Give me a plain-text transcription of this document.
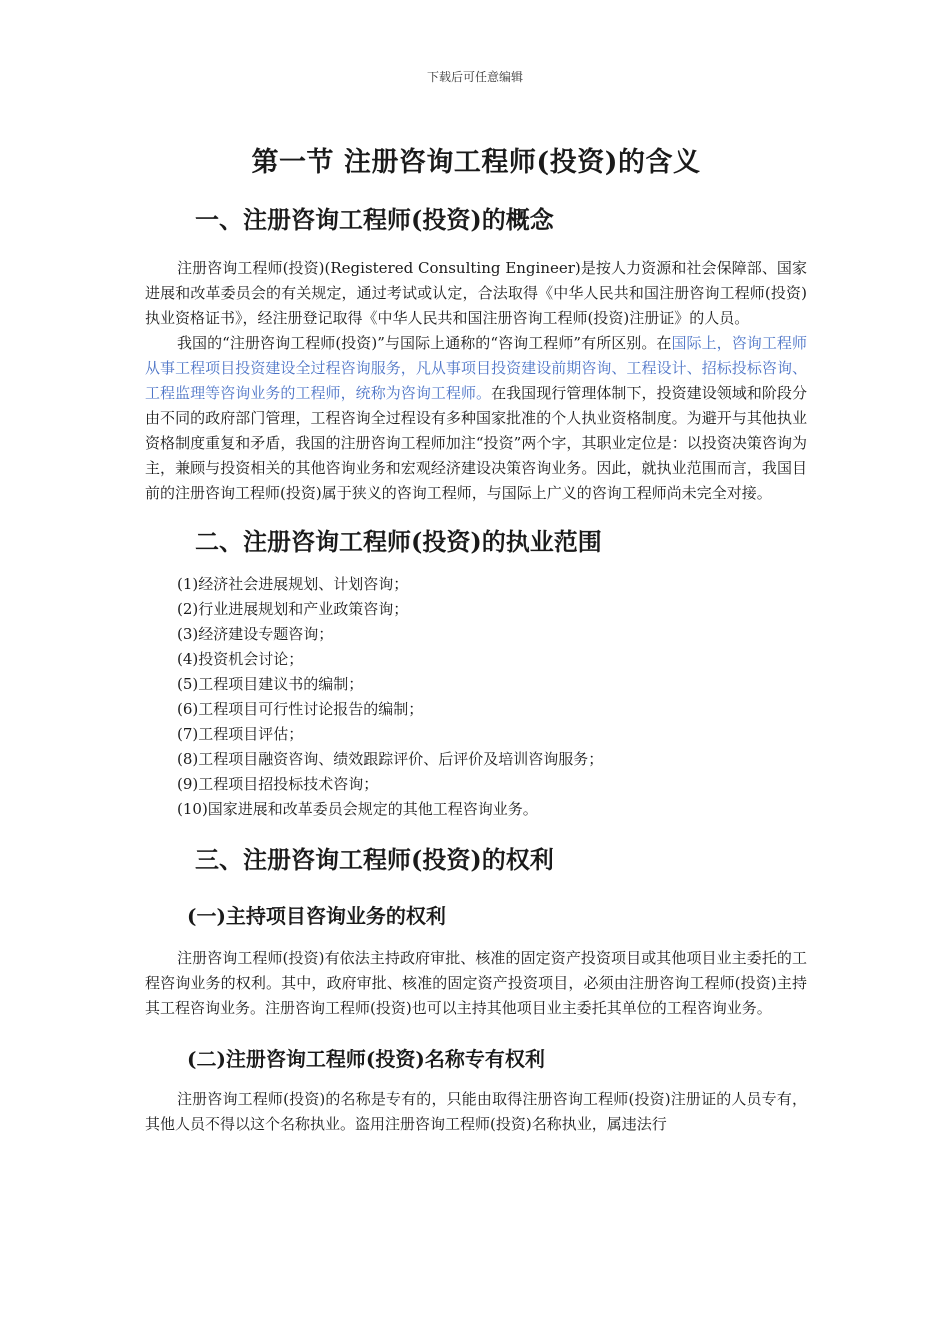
下载后可任意编辑
第一节 注册咨询工程师(投资)的含义
一、注册咨询工程师(投资)的概念

注册咨询工程师(投资)(Registered Consulting Engineer)是按人力资源和社会保障部、国家进展和改革委员会的有关规定，通过考试或认定，合法取得《中华人民共和国注册咨询工程师(投资)执业资格证书》，经注册登记取得《中华人民共和国注册咨询工程师(投资)注册证》的人员。

我国的“注册咨询工程师(投资)”与国际上通称的“咨询工程师”有所区别。在国际上，咨询工程师从事工程项目投资建设全过程咨询服务，凡从事项目投资建设前期咨询、工程设计、招标投标咨询、工程监理等咨询业务的工程师，统称为咨询工程师。在我国现行管理体制下，投资建设领域和阶段分由不同的政府部门管理，工程咨询全过程设有多种国家批准的个人执业资格制度。为避开与其他执业资格制度重复和矛盾，我国的注册咨询工程师加注“投资”两个字，其职业定位是：以投资决策咨询为主，兼顾与投资相关的其他咨询业务和宏观经济建设决策咨询业务。因此，就执业范围而言，我国目前的注册咨询工程师(投资)属于狭义的咨询工程师，与国际上广义的咨询工程师尚未完全对接。

二、注册咨询工程师(投资)的执业范围
(1)经济社会进展规划、计划咨询；
(2)行业进展规划和产业政策咨询；
(3)经济建设专题咨询；
(4)投资机会讨论；
(5)工程项目建议书的编制；
(6)工程项目可行性讨论报告的编制；
(7)工程项目评估；
(8)工程项目融资咨询、绩效跟踪评价、后评价及培训咨询服务；
(9)工程项目招投标技术咨询；
(10)国家进展和改革委员会规定的其他工程咨询业务。
三、注册咨询工程师(投资)的权利
(一)主持项目咨询业务的权利

注册咨询工程师(投资)有依法主持政府审批、核准的固定资产投资项目或其他项目业主委托的工程咨询业务的权利。其中，政府审批、核准的固定资产投资项目，必须由注册咨询工程师(投资)主持其工程咨询业务。注册咨询工程师(投资)也可以主持其他项目业主委托其单位的工程咨询业务。

(二)注册咨询工程师(投资)名称专有权利

注册咨询工程师(投资)的名称是专有的，只能由取得注册咨询工程师(投资)注册证的人员专有，其他人员不得以这个名称执业。盗用注册咨询工程师(投资)名称执业，属违法行
